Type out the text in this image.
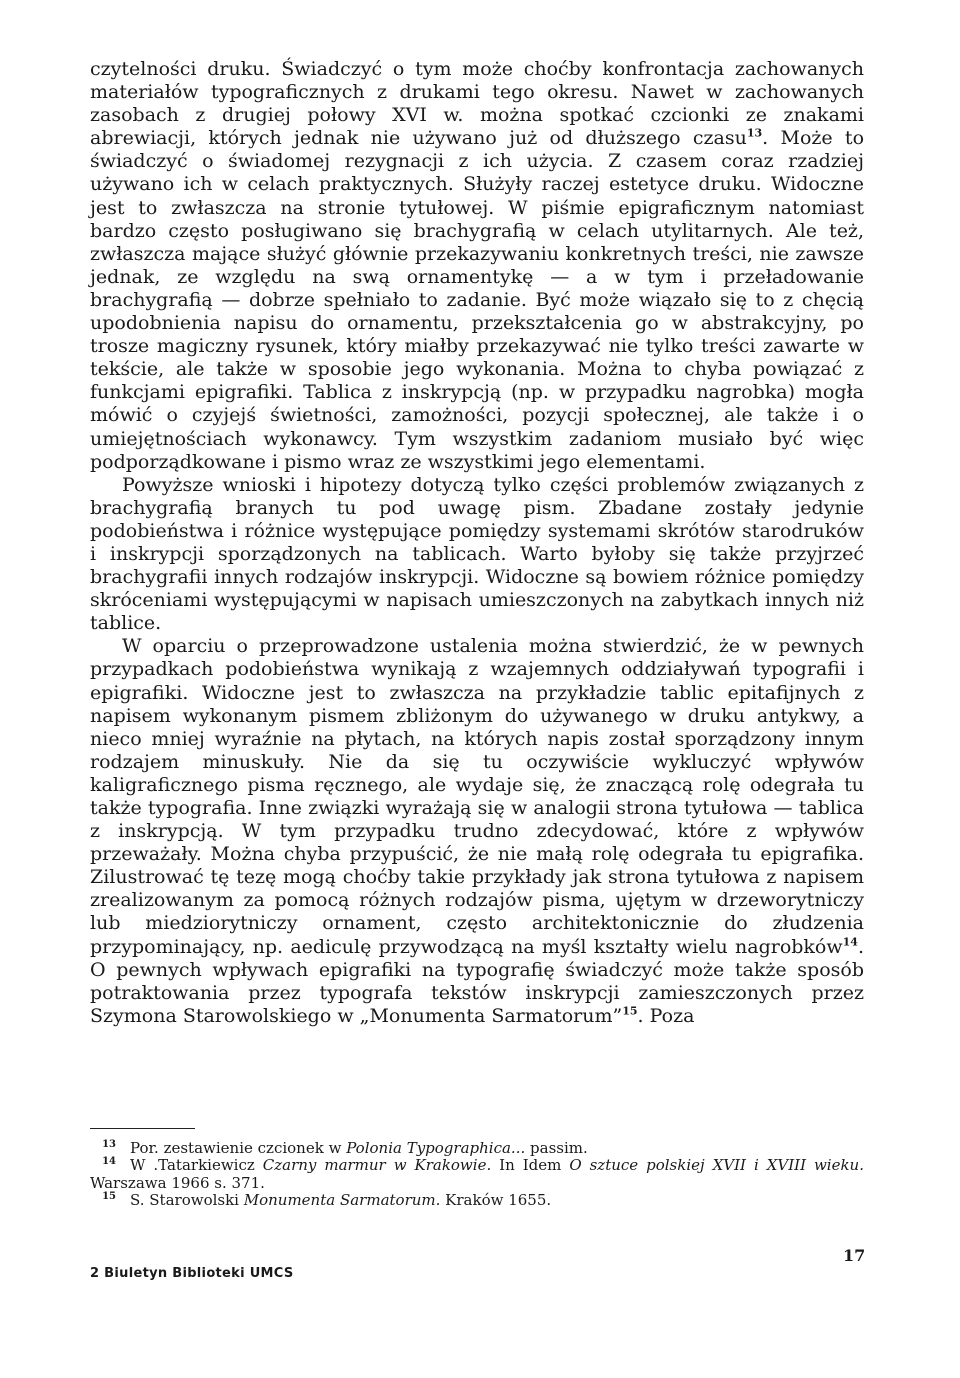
czytelności druku. Świadczyć o tym może choćby konfrontacja zachowanych materiałów typograficznych z drukami tego okresu. Nawet w zachowanych zasobach z drugiej połowy XVI w. można spotkać czcionki ze znakami abrewiacji, których jednak nie używano już od dłuższego czasu$^{13}$. Może to świadczyć o świadomej rezygnacji z ich użycia. Z czasem coraz rzadziej używano ich w celach praktycznych. Służyły raczej estetyce druku. Widoczne jest to zwłaszcza na stronie tytułowej. W piśmie epigraficznym natomiast bardzo często posługiwano się brachygrafią w celach utylitarnych. Ale też, zwłaszcza mające służyć głównie przekazywaniu konkretnych treści, nie zawsze jednak, ze względu na swą ornamentykę — a w tym i przeładowanie brachygrafią — dobrze spełniało to zadanie. Być może wiązało się to z chęcią upodobnienia napisu do ornamentu, przekształcenia go w abstrakcyjny, po trosze magiczny rysunek, który miałby przekazywać nie tylko treści zawarte w tekście, ale także w sposobie jego wykonania. Można to chyba powiązać z funkcjami epigrafiki. Tablica z inskrypcją (np. w przypadku nagrobka) mogła mówić o czyjejś świetności, zamożności, pozycji społecznej, ale także i o umiejętnościach wykonawcy. Tym wszystkim zadaniom musiało być więc podporządkowane i pismo wraz ze wszystkimi jego elementami.

Powyższe wnioski i hipotezy dotyczą tylko części problemów związanych z brachygrafią branych tu pod uwagę pism. Zbadane zostały jedynie podobieństwa i różnice występujące pomiędzy systemami skrótów starodruków i inskrypcji sporządzonych na tablicach. Warto byłoby się także przyjrzeć brachygrafii innych rodzajów inskrypcji. Widoczne są bowiem różnice pomiędzy skróceniami występującymi w napisach umieszczonych na zabytkach innych niż tablice.

W oparciu o przeprowadzone ustalenia można stwierdzić, że w pewnych przypadkach podobieństwa wynikają z wzajemnych oddziaływań typografii i epigrafiki. Widoczne jest to zwłaszcza na przykładzie tablic epitafijnych z napisem wykonanym pismem zbliżonym do używanego w druku antykwy, a nieco mniej wyraźnie na płytach, na których napis został sporządzony innym rodzajem minuskuły. Nie da się tu oczywiście wykluczyć wpływów kaligraficznego pisma ręcznego, ale wydaje się, że znaczącą rolę odegrała tu także typografia. Inne związki wyrażają się w analogii strona tytułowa — tablica z inskrypcją. W tym przypadku trudno zdecydować, które z wpływów przeważały. Można chyba przypuścić, że nie małą rolę odegrała tu epigrafika. Zilustrować tę tezę mogą choćby takie przykłady jak strona tytułowa z napisem zrealizowanym za pomocą różnych rodzajów pisma, ujętym w drzeworytniczy lub miedziorytniczy ornament, często architektonicznie do złudzenia przypominający, np. aediculę przywodzącą na myśl kształty wielu nagrobków$^{14}$. O pewnych wpływach epigrafiki na typografię świadczyć może także sposób potraktowania przez typografa tekstów inskrypcji zamieszczonych przez Szymona Starowolskiego w „Monumenta Sarmatorum”$^{15}$. Poza

$^{13}$ Por. zestawienie czcionek w Polonia Typographica... passim.

$^{14}$ W .Tatarkiewicz Czarny marmur w Krakowie. In Idem O sztuce polskiej XVII i XVIII wieku. Warszawa 1966 s. 371.

$^{15}$ S. Starowolski Monumenta Sarmatorum. Kraków 1655.

2 Biuletyn Biblioteki UMCS
17
